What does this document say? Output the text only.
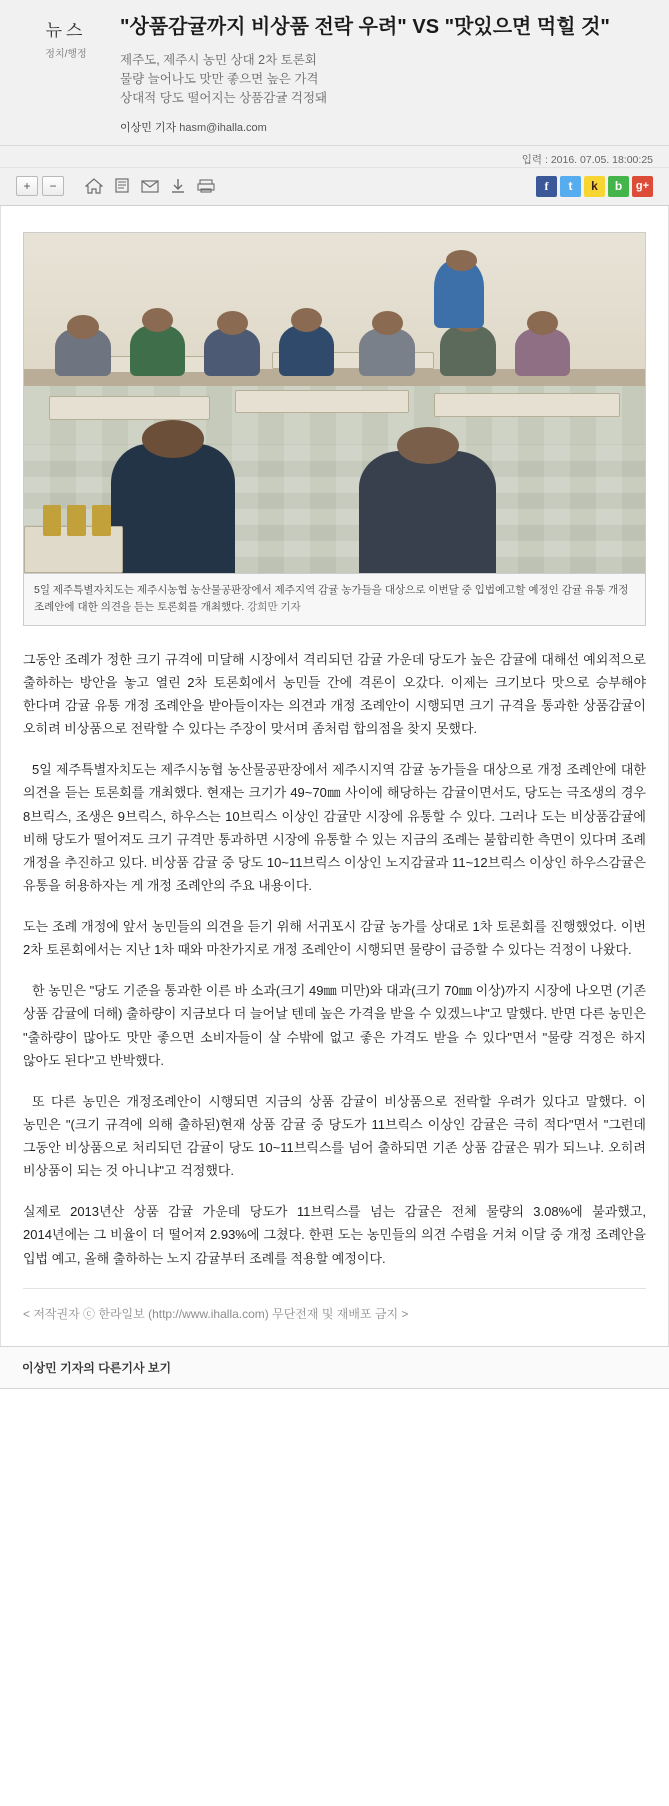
뉴스
정치/행정
"상품감귤까지 비상품 전락 우려" VS "맛있으면 먹힐 것"
제주도, 제주시 농민 상대 2차 토론회
물량 늘어나도 맛만 좋으면 높은 가격
상대적 당도 떨어지는 상품감귤 걱정돼
이상민 기자 hasm@ihalla.com
입력 : 2016. 07.05. 18:00:25
+	−	f	t	k	b	g+
5일 제주특별자치도는 제주시농협 농산물공판장에서 제주지역 감귤 농가들을 대상으로 이번달 중 입법예고할 예정인 감귤 유통 개정 조례안에 대한 의견을 듣는 토론회를 개최했다. 강희만 기자

그동안 조례가 정한 크기 규격에 미달해 시장에서 격리되던 감귤 가운데 당도가 높은 감귤에 대해선 예외적으로 출하하는 방안을 놓고 열린 2차 토론회에서 농민들 간에 격론이 오갔다. 이제는 크기보다 맛으로 승부해야 한다며 감귤 유통 개정 조례안을 받아들이자는 의견과 개정 조례안이 시행되면 크기 규격을 통과한 상품감귤이 오히려 비상품으로 전락할 수 있다는 주장이 맞서며 좀처럼 합의점을 찾지 못했다.

5일 제주특별자치도는 제주시농협 농산물공판장에서 제주시지역 감귤 농가들을 대상으로 개정 조례안에 대한 의견을 듣는 토론회를 개최했다. 현재는 크기가 49~70㎜ 사이에 해당하는 감귤이면서도, 당도는 극조생의 경우 8브릭스, 조생은 9브릭스, 하우스는 10브릭스 이상인 감귤만 시장에 유통할 수 있다. 그러나 도는 비상품감귤에 비해 당도가 떨어져도 크기 규격만 통과하면 시장에 유통할 수 있는 지금의 조례는 불합리한 측면이 있다며 조례 개정을 추진하고 있다. 비상품 감귤 중 당도 10~11브릭스 이상인 노지감귤과 11~12브릭스 이상인 하우스감귤은 유통을 허용하자는 게 개정 조례안의 주요 내용이다.

도는 조례 개정에 앞서 농민들의 의견을 듣기 위해 서귀포시 감귤 농가를 상대로 1차 토론회를 진행했었다. 이번 2차 토론회에서는 지난 1차 때와 마찬가지로 개정 조례안이 시행되면 물량이 급증할 수 있다는 걱정이 나왔다.

한 농민은 "당도 기준을 통과한 이른 바 소과(크기 49㎜ 미만)와 대과(크기 70㎜ 이상)까지 시장에 나오면 (기존 상품 감귤에 더해) 출하량이 지금보다 더 늘어날 텐데 높은 가격을 받을 수 있겠느냐"고 말했다. 반면 다른 농민은 "출하량이 많아도 맛만 좋으면 소비자들이 살 수밖에 없고 좋은 가격도 받을 수 있다"면서 "물량 걱정은 하지 않아도 된다"고 반박했다.

또 다른 농민은 개정조례안이 시행되면 지금의 상품 감귤이 비상품으로 전락할 우려가 있다고 말했다. 이 농민은 "(크기 규격에 의해 출하된)현재 상품 감귤 중 당도가 11브릭스 이상인 감귤은 극히 적다"면서 "그런데 그동안 비상품으로 처리되던 감귤이 당도 10~11브릭스를 넘어 출하되면 기존 상품 감귤은 뭐가 되느냐. 오히려 비상품이 되는 것 아니냐"고 걱정했다.

실제로 2013년산 상품 감귤 가운데 당도가 11브릭스를 넘는 감귤은 전체 물량의 3.08%에 불과했고, 2014년에는 그 비율이 더 떨어져 2.93%에 그쳤다. 한편 도는 농민들의 의견 수렴을 거쳐 이달 중 개정 조례안을 입법 예고, 올해 출하하는 노지 감귤부터 조례를 적용할 예정이다.

< 저작권자 ⓒ 한라일보 (http://www.ihalla.com) 무단전재 및 재배포 금지 >
이상민 기자의 다른기사 보기
